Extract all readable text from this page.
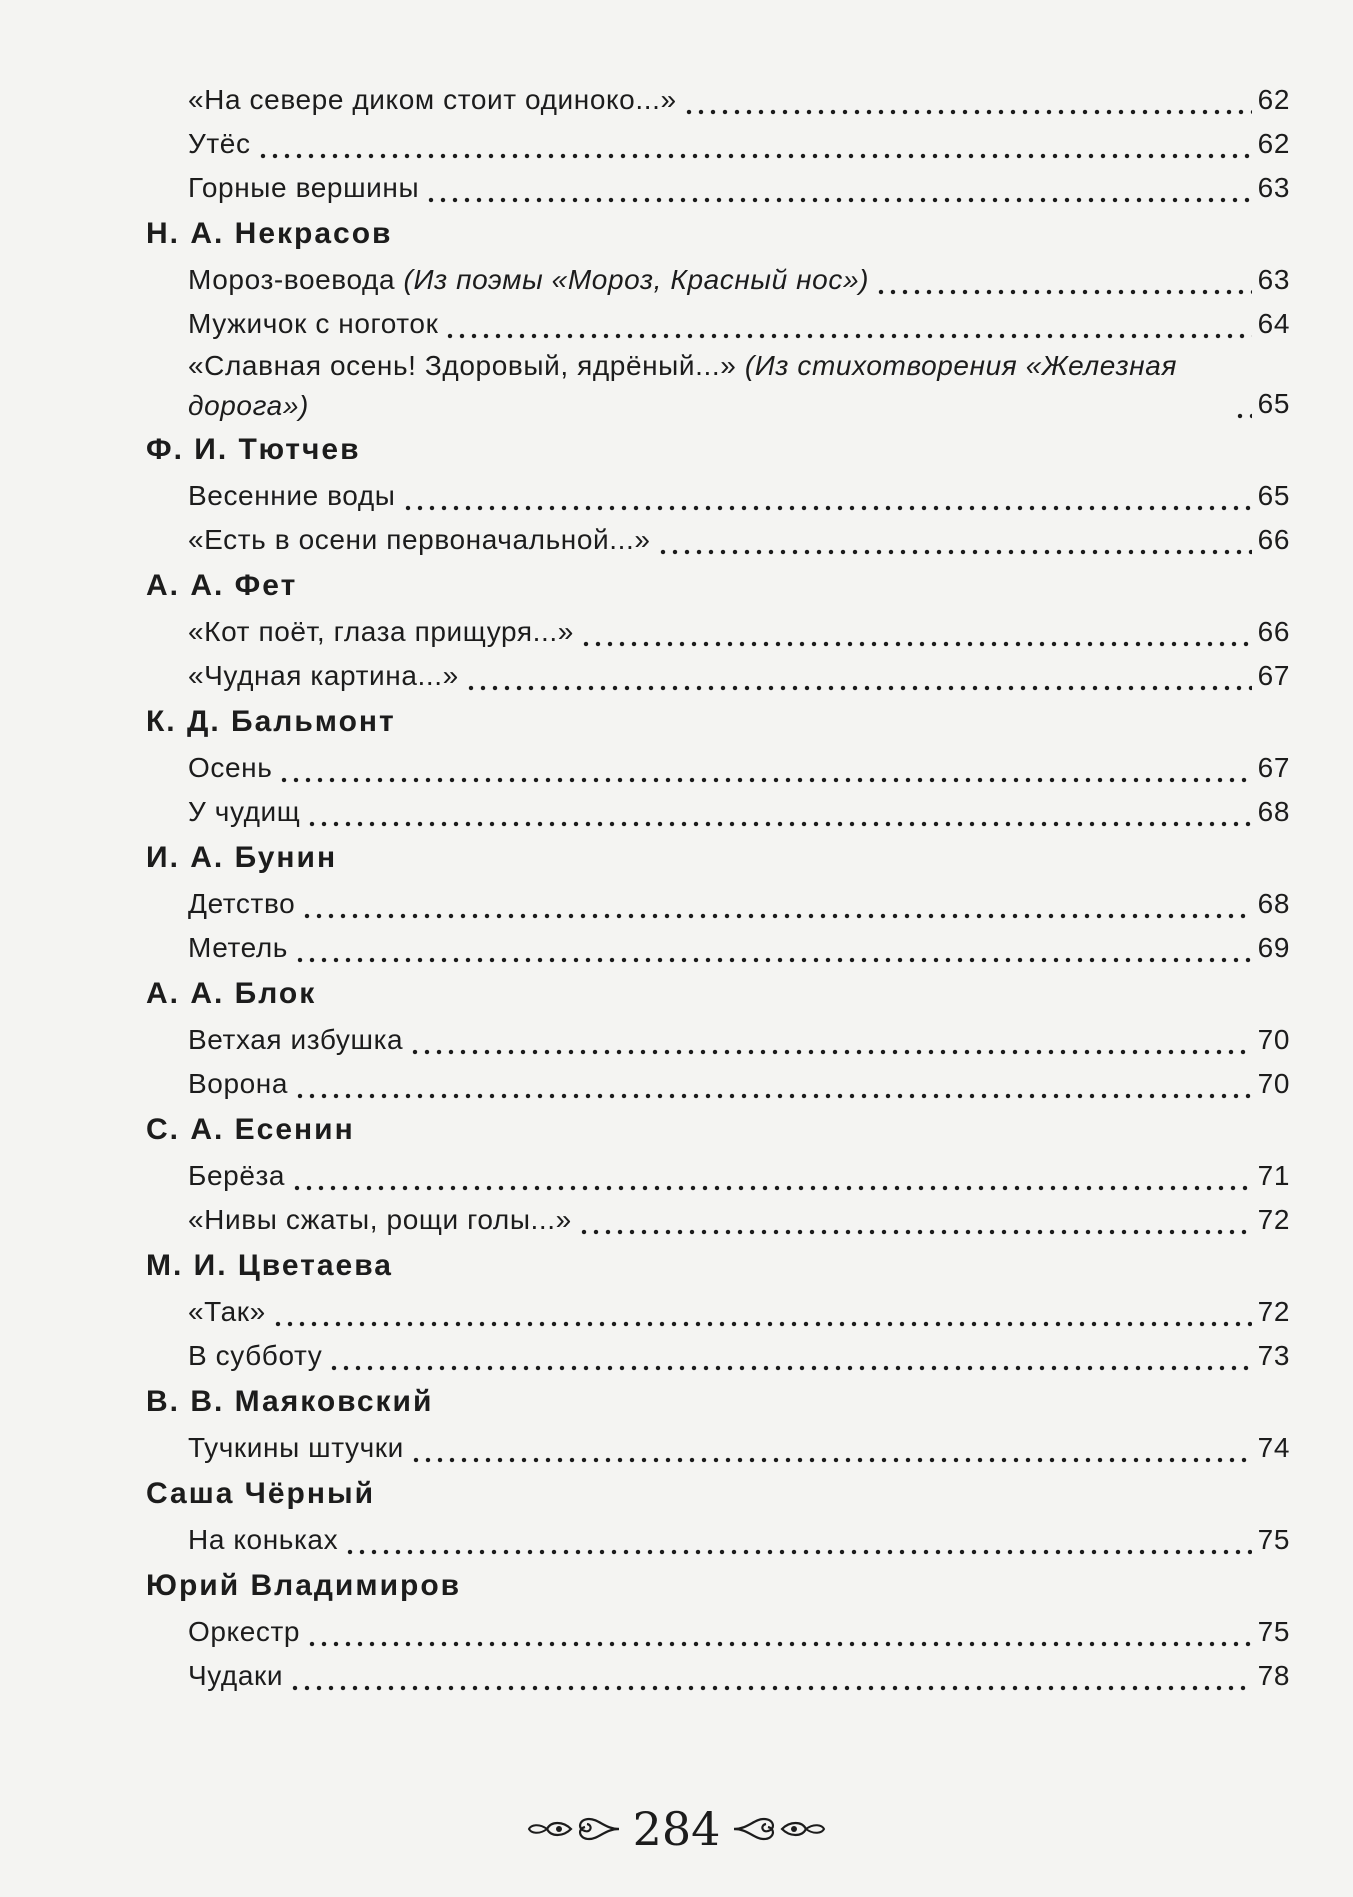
«На севере диком стоит одиноко...»	62
Утёс	62
Горные вершины	63
Н. А. Некрасов
Мороз-воевода (Из поэмы «Мороз, Красный нос»)	63
Мужичок с ноготок	64
«Славная осень! Здоровый, ядрёный...» (Из стихотворения «Железная дорога»)	65
Ф. И. Тютчев
Весенние воды	65
«Есть в осени первоначальной...»	66
А. А. Фет
«Кот поёт, глаза прищуря...»	66
«Чудная картина...»	67
К. Д. Бальмонт
Осень	67
У чудищ	68
И. А. Бунин
Детство	68
Метель	69
А. А. Блок
Ветхая избушка	70
Ворона	70
С. А. Есенин
Берёза	71
«Нивы сжаты, рощи голы...»	72
М. И. Цветаева
«Так»	72
В субботу	73
В. В. Маяковский
Тучкины штучки	74
Саша Чёрный
На коньках	75
Юрий Владимиров
Оркестр	75
Чудаки	78
284
